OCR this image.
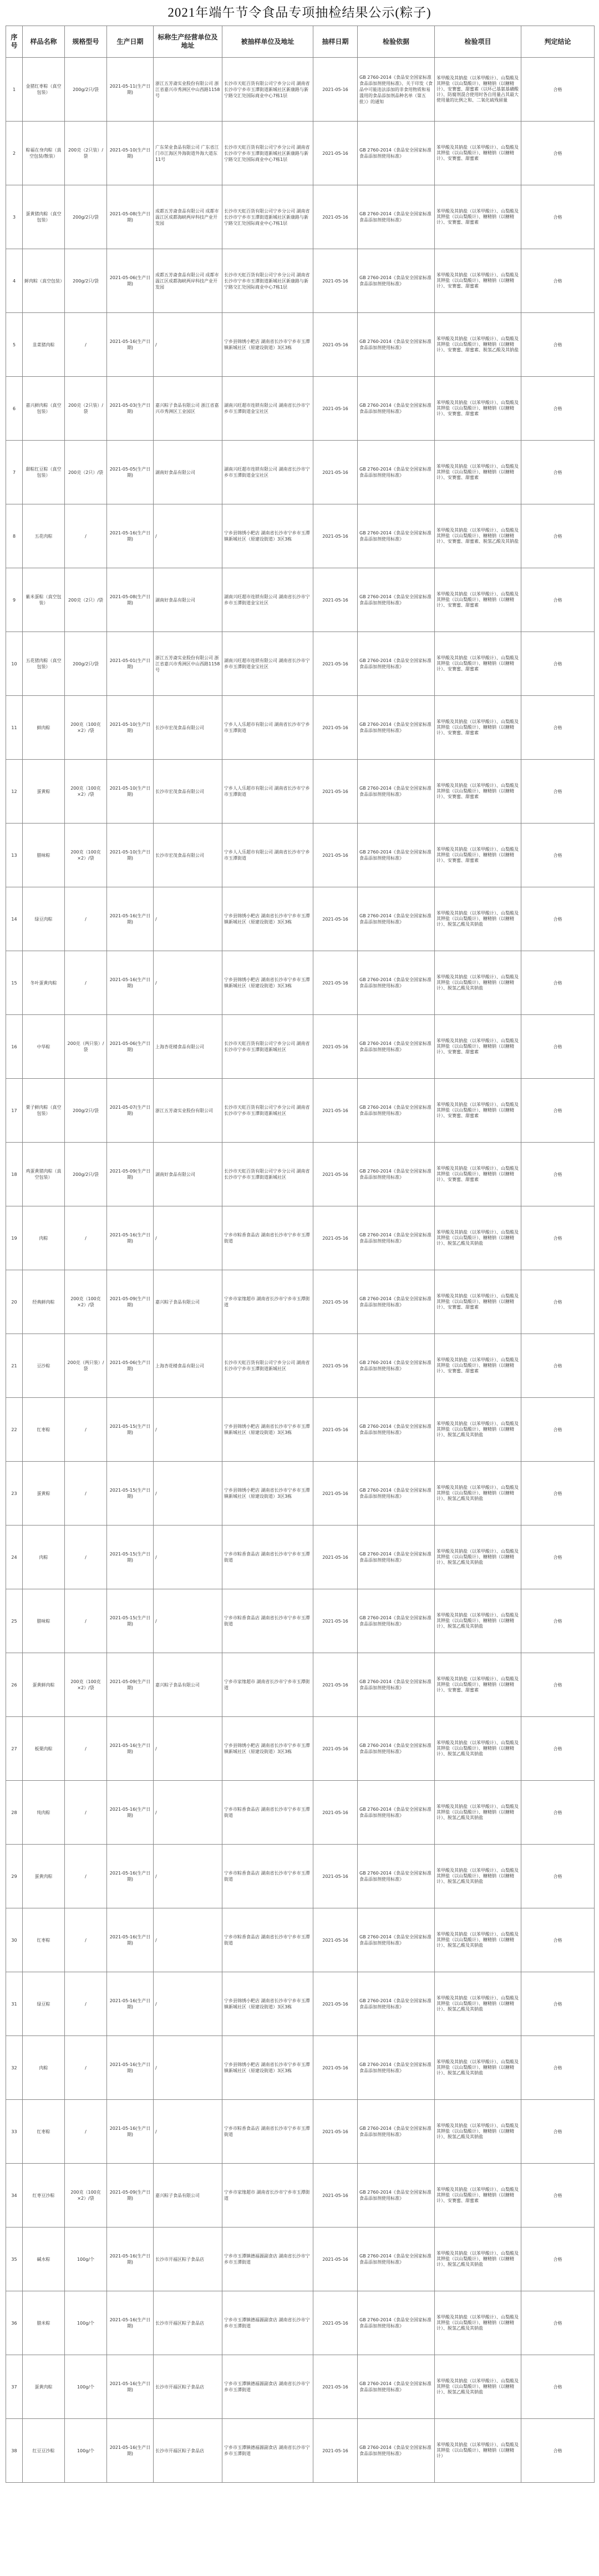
2021年端午节令食品专项抽检结果公示(粽子)
序号	样品名称	规格型号	生产日期	标称生产经营单位及地址	被抽样单位及地址	抽样日期	检验依据	检验项目	判定结论
1	金猪红枣粽（真空包装）	200g/2只/袋	2021-05-11(生产日期)	浙江五芳斋实业股份有限公司 浙江省嘉兴市秀洲区中山西路1158号	长沙市天虹百货有限公司宁乡分公司 湖南省长沙市宁乡市玉潭街道新城社区新康路与新宁路交汇处国际商业中心7栋1层	2021-05-16	GB 2760-2014《食品安全国家标准 食品添加剂使用标准》、关于印发《食品中可能违法添加的非食用物质和易滥用的食品添加剂品种名单（第五批）》的通知	苯甲酸及其钠盐（以苯甲酸计）、山梨酸及其钾盐（以山梨酸计）、糖精钠（以糖精计）、安赛蜜、甜蜜素（以环己基氨基磺酸计）、防腐剂混合使用时各自用量占其最大使用量的比例之和、二氧化硫残留量	合格
2	粽福在身肉粽（真空包装/散装）	200克（2只装）/袋	2021-05-10(生产日期)	广东荣业食品有限公司 广东省江门市江海区外海街道外海大道东11号	长沙市天虹百货有限公司宁乡分公司 湖南省长沙市宁乡市玉潭街道新城社区新康路与新宁路交汇处国际商业中心7栋1层	2021-05-16	GB 2760-2014《食品安全国家标准 食品添加剂使用标准》	苯甲酸及其钠盐（以苯甲酸计）、山梨酸及其钾盐（以山梨酸计）、糖精钠（以糖精计）、安赛蜜、甜蜜素	合格
3	蛋黄猪肉粽（真空包装）	200g/2只/袋	2021-05-08(生产日期)	成都五芳斋食品有限公司 成都市温江区成都海峡两岸科技产业开发园	长沙市天虹百货有限公司宁乡分公司 湖南省长沙市宁乡市玉潭街道新城社区新康路与新宁路交汇处国际商业中心7栋1层	2021-05-16	GB 2760-2014《食品安全国家标准 食品添加剂使用标准》	苯甲酸及其钠盐（以苯甲酸计）、山梨酸及其钾盐（以山梨酸计）、糖精钠（以糖精计）、安赛蜜、甜蜜素	合格
4	鲜肉粽（真空包装）	200g/2只/袋	2021-05-06(生产日期)	成都五芳斋食品有限公司 成都市温江区成都海峡两岸科技产业开发园	长沙市天虹百货有限公司宁乡分公司 湖南省长沙市宁乡市玉潭街道新城社区新康路与新宁路交汇处国际商业中心7栋1层	2021-05-16	GB 2760-2014《食品安全国家标准 食品添加剂使用标准》	苯甲酸及其钠盐（以苯甲酸计）、山梨酸及其钾盐（以山梨酸计）、糖精钠（以糖精计）、安赛蜜、甜蜜素	合格
5	韭菜猪肉粽	/	2021-05-16(生产日期)	/	宁乡县锦绣小粑店 湖南省长沙市宁乡市玉潭镇新城社区（原建设街道）3区3栋	2021-05-16	GB 2760-2014《食品安全国家标准 食品添加剂使用标准》	苯甲酸及其钠盐（以苯甲酸计）、山梨酸及其钾盐（以山梨酸计）、糖精钠（以糖精计）、安赛蜜、甜蜜素、脱氢乙酸及其钠盐	合格
6	嘉兴鲜肉粽（真空包装）	200克（2只装）/袋	2021-05-03(生产日期)	嘉兴粽子食品有限公司 浙江省嘉兴市秀洲区工业园区	湖南兴旺超市连锁有限公司 湖南省长沙市宁乡市玉潭街道金宝社区	2021-05-16	GB 2760-2014《食品安全国家标准 食品添加剂使用标准》	苯甲酸及其钠盐（以苯甲酸计）、山梨酸及其钾盐（以山梨酸计）、糖精钠（以糖精计）、安赛蜜、甜蜜素	合格
7	甜粽红豆粽（真空包装）	200克（2只）/袋	2021-05-05(生产日期)	湖南好食品有限公司	湖南兴旺超市连锁有限公司 湖南省长沙市宁乡市玉潭街道金宝社区	2021-05-16	GB 2760-2014《食品安全国家标准 食品添加剂使用标准》	苯甲酸及其钠盐（以苯甲酸计）、山梨酸及其钾盐（以山梨酸计）、糖精钠（以糖精计）、安赛蜜、甜蜜素	合格
8	五花肉粽	/	2021-05-16(生产日期)	/	宁乡县锦绣小粑店 湖南省长沙市宁乡市玉潭镇新城社区（原建设街道）3区3栋	2021-05-16	GB 2760-2014《食品安全国家标准 食品添加剂使用标准》	苯甲酸及其钠盐（以苯甲酸计）、山梨酸及其钾盐（以山梨酸计）、糖精钠（以糖精计）、安赛蜜、甜蜜素、脱氢乙酸及其钠盐	合格
9	紫米蛋粽（真空包装）	200克（2只）/袋	2021-05-08(生产日期)	湖南好食品有限公司	湖南兴旺超市连锁有限公司 湖南省长沙市宁乡市玉潭街道金宝社区	2021-05-16	GB 2760-2014《食品安全国家标准 食品添加剂使用标准》	苯甲酸及其钠盐（以苯甲酸计）、山梨酸及其钾盐（以山梨酸计）、糖精钠（以糖精计）、安赛蜜、甜蜜素	合格
10	五花猪肉粽（真空包装）	200g/2只/袋	2021-05-01(生产日期)	浙江五芳斋实业股份有限公司 浙江省嘉兴市秀洲区中山西路1158号	湖南兴旺超市连锁有限公司 湖南省长沙市宁乡市玉潭街道金宝社区	2021-05-16	GB 2760-2014《食品安全国家标准 食品添加剂使用标准》	苯甲酸及其钠盐（以苯甲酸计）、山梨酸及其钾盐（以山梨酸计）、糖精钠（以糖精计）、安赛蜜、甜蜜素	合格
11	鲜肉粽	200克（100克×2）/袋	2021-05-10(生产日期)	长沙市宏茂食品有限公司	宁乡人人乐超市有限公司 湖南省长沙市宁乡市玉潭街道	2021-05-16	GB 2760-2014《食品安全国家标准 食品添加剂使用标准》	苯甲酸及其钠盐（以苯甲酸计）、山梨酸及其钾盐（以山梨酸计）、糖精钠（以糖精计）、安赛蜜、甜蜜素	合格
12	蛋黄粽	200克（100克×2）/袋	2021-05-10(生产日期)	长沙市宏茂食品有限公司	宁乡人人乐超市有限公司 湖南省长沙市宁乡市玉潭街道	2021-05-16	GB 2760-2014《食品安全国家标准 食品添加剂使用标准》	苯甲酸及其钠盐（以苯甲酸计）、山梨酸及其钾盐（以山梨酸计）、糖精钠（以糖精计）、安赛蜜、甜蜜素	合格
13	腊味粽	200克（100克×2）/袋	2021-05-10(生产日期)	长沙市宏茂食品有限公司	宁乡人人乐超市有限公司 湖南省长沙市宁乡市玉潭街道	2021-05-16	GB 2760-2014《食品安全国家标准 食品添加剂使用标准》	苯甲酸及其钠盐（以苯甲酸计）、山梨酸及其钾盐（以山梨酸计）、糖精钠（以糖精计）、安赛蜜、甜蜜素	合格
14	绿豆肉粽	/	2021-05-16(生产日期)	/	宁乡县锦绣小粑店 湖南省长沙市宁乡市玉潭镇新城社区（原建设街道）3区3栋	2021-05-16	GB 2760-2014《食品安全国家标准 食品添加剂使用标准》	苯甲酸及其钠盐（以苯甲酸计）、山梨酸及其钾盐（以山梨酸计）、糖精钠（以糖精计）、脱氢乙酸及其钠盐	合格
15	冬叶蛋黄肉粽	/	2021-05-16(生产日期)	/	宁乡县锦绣小粑店 湖南省长沙市宁乡市玉潭镇新城社区（原建设街道）3区3栋	2021-05-16	GB 2760-2014《食品安全国家标准 食品添加剂使用标准》	苯甲酸及其钠盐（以苯甲酸计）、山梨酸及其钾盐（以山梨酸计）、糖精钠（以糖精计）、脱氢乙酸及其钠盐	合格
16	中华粽	200克（两只装）/袋	2021-05-06(生产日期)	上海杏花楼食品有限公司	长沙市天虹百货有限公司宁乡分公司 湖南省长沙市宁乡市玉潭街道新城社区	2021-05-16	GB 2760-2014《食品安全国家标准 食品添加剂使用标准》	苯甲酸及其钠盐（以苯甲酸计）、山梨酸及其钾盐（以山梨酸计）、糖精钠（以糖精计）、安赛蜜、甜蜜素	合格
17	栗子鲜肉粽（真空包装）	200g/2只/袋	2021-05-07(生产日期)	浙江五芳斋实业股份有限公司	长沙市天虹百货有限公司宁乡分公司 湖南省长沙市宁乡市玉潭街道新城社区	2021-05-16	GB 2760-2014《食品安全国家标准 食品添加剂使用标准》	苯甲酸及其钠盐（以苯甲酸计）、山梨酸及其钾盐（以山梨酸计）、糖精钠（以糖精计）、安赛蜜、甜蜜素	合格
18	鸡蛋黄猪肉粽（真空包装）	200g/2只/袋	2021-05-09(生产日期)	湖南好食品有限公司	长沙市天虹百货有限公司宁乡分公司 湖南省长沙市宁乡市玉潭街道新城社区	2021-05-16	GB 2760-2014《食品安全国家标准 食品添加剂使用标准》	苯甲酸及其钠盐（以苯甲酸计）、山梨酸及其钾盐（以山梨酸计）、糖精钠（以糖精计）、安赛蜜、甜蜜素	合格
19	肉粽	/	2021-05-16(生产日期)	/	宁乡市粽香食品店 湖南省长沙市宁乡市玉潭街道	2021-05-16	GB 2760-2014《食品安全国家标准 食品添加剂使用标准》	苯甲酸及其钠盐（以苯甲酸计）、山梨酸及其钾盐（以山梨酸计）、糖精钠（以糖精计）、脱氢乙酸及其钠盐	合格
20	经典鲜肉粽	200克（100克×2）/袋	2021-05-09(生产日期)	嘉兴粽子食品有限公司	宁乡市家缘超市 湖南省长沙市宁乡市玉潭街道	2021-05-16	GB 2760-2014《食品安全国家标准 食品添加剂使用标准》	苯甲酸及其钠盐（以苯甲酸计）、山梨酸及其钾盐（以山梨酸计）、糖精钠（以糖精计）、安赛蜜、甜蜜素	合格
21	豆沙粽	200克（两只装）/袋	2021-05-06(生产日期)	上海杏花楼食品有限公司	长沙市天虹百货有限公司宁乡分公司 湖南省长沙市宁乡市玉潭街道新城社区	2021-05-16	GB 2760-2014《食品安全国家标准 食品添加剂使用标准》	苯甲酸及其钠盐（以苯甲酸计）、山梨酸及其钾盐（以山梨酸计）、糖精钠（以糖精计）、安赛蜜、甜蜜素	合格
22	红枣粽	/	2021-05-15(生产日期)	/	宁乡县锦绣小粑店 湖南省长沙市宁乡市玉潭镇新城社区（原建设街道）3区3栋	2021-05-16	GB 2760-2014《食品安全国家标准 食品添加剂使用标准》	苯甲酸及其钠盐（以苯甲酸计）、山梨酸及其钾盐（以山梨酸计）、糖精钠（以糖精计）、脱氢乙酸及其钠盐	合格
23	蛋黄粽	/	2021-05-15(生产日期)	/	宁乡县锦绣小粑店 湖南省长沙市宁乡市玉潭镇新城社区（原建设街道）3区3栋	2021-05-16	GB 2760-2014《食品安全国家标准 食品添加剂使用标准》	苯甲酸及其钠盐（以苯甲酸计）、山梨酸及其钾盐（以山梨酸计）、糖精钠（以糖精计）、脱氢乙酸及其钠盐	合格
24	肉粽	/	2021-05-15(生产日期)	/	宁乡市粽香食品店 湖南省长沙市宁乡市玉潭街道	2021-05-16	GB 2760-2014《食品安全国家标准 食品添加剂使用标准》	苯甲酸及其钠盐（以苯甲酸计）、山梨酸及其钾盐（以山梨酸计）、糖精钠（以糖精计）、脱氢乙酸及其钠盐	合格
25	腊味粽	/	2021-05-15(生产日期)	/	宁乡市粽香食品店 湖南省长沙市宁乡市玉潭街道	2021-05-16	GB 2760-2014《食品安全国家标准 食品添加剂使用标准》	苯甲酸及其钠盐（以苯甲酸计）、山梨酸及其钾盐（以山梨酸计）、糖精钠（以糖精计）、脱氢乙酸及其钠盐	合格
26	蛋黄鲜肉粽	200克（100克×2）/袋	2021-05-09(生产日期)	嘉兴粽子食品有限公司	宁乡市家缘超市 湖南省长沙市宁乡市玉潭街道	2021-05-16	GB 2760-2014《食品安全国家标准 食品添加剂使用标准》	苯甲酸及其钠盐（以苯甲酸计）、山梨酸及其钾盐（以山梨酸计）、糖精钠（以糖精计）、安赛蜜、甜蜜素	合格
27	板栗肉粽	/	2021-05-16(生产日期)	/	宁乡县锦绣小粑店 湖南省长沙市宁乡市玉潭镇新城社区（原建设街道）3区3栋	2021-05-16	GB 2760-2014《食品安全国家标准 食品添加剂使用标准》	苯甲酸及其钠盐（以苯甲酸计）、山梨酸及其钾盐（以山梨酸计）、糖精钠（以糖精计）、脱氢乙酸及其钠盐	合格
28	纯肉粽	/	2021-05-16(生产日期)	/	宁乡市粽香食品店 湖南省长沙市宁乡市玉潭街道	2021-05-16	GB 2760-2014《食品安全国家标准 食品添加剂使用标准》	苯甲酸及其钠盐（以苯甲酸计）、山梨酸及其钾盐（以山梨酸计）、糖精钠（以糖精计）、脱氢乙酸及其钠盐	合格
29	蛋黄肉粽	/	2021-05-16(生产日期)	/	宁乡市粽香食品店 湖南省长沙市宁乡市玉潭街道	2021-05-16	GB 2760-2014《食品安全国家标准 食品添加剂使用标准》	苯甲酸及其钠盐（以苯甲酸计）、山梨酸及其钾盐（以山梨酸计）、糖精钠（以糖精计）、脱氢乙酸及其钠盐	合格
30	红枣粽	/	2021-05-16(生产日期)	/	宁乡市粽香食品店 湖南省长沙市宁乡市玉潭街道	2021-05-16	GB 2760-2014《食品安全国家标准 食品添加剂使用标准》	苯甲酸及其钠盐（以苯甲酸计）、山梨酸及其钾盐（以山梨酸计）、糖精钠（以糖精计）、脱氢乙酸及其钠盐	合格
31	绿豆粽	/	2021-05-16(生产日期)	/	宁乡县锦绣小粑店 湖南省长沙市宁乡市玉潭镇新城社区（原建设街道）3区3栋	2021-05-16	GB 2760-2014《食品安全国家标准 食品添加剂使用标准》	苯甲酸及其钠盐（以苯甲酸计）、山梨酸及其钾盐（以山梨酸计）、糖精钠（以糖精计）、脱氢乙酸及其钠盐	合格
32	肉粽	/	2021-05-16(生产日期)	/	宁乡县锦绣小粑店 湖南省长沙市宁乡市玉潭镇新城社区（原建设街道）3区3栋	2021-05-16	GB 2760-2014《食品安全国家标准 食品添加剂使用标准》	苯甲酸及其钠盐（以苯甲酸计）、山梨酸及其钾盐（以山梨酸计）、糖精钠（以糖精计）、脱氢乙酸及其钠盐	合格
33	红枣粽	/	2021-05-16(生产日期)	/	宁乡市粽香食品店 湖南省长沙市宁乡市玉潭街道	2021-05-16	GB 2760-2014《食品安全国家标准 食品添加剂使用标准》	苯甲酸及其钠盐（以苯甲酸计）、山梨酸及其钾盐（以山梨酸计）、糖精钠（以糖精计）、脱氢乙酸及其钠盐	合格
34	红枣豆沙粽	200克（100克×2）/袋	2021-05-09(生产日期)	嘉兴粽子食品有限公司	宁乡市家缘超市 湖南省长沙市宁乡市玉潭街道	2021-05-16	GB 2760-2014《食品安全国家标准 食品添加剂使用标准》	苯甲酸及其钠盐（以苯甲酸计）、山梨酸及其钾盐（以山梨酸计）、糖精钠（以糖精计）、安赛蜜、甜蜜素	合格
35	碱水粽	100g/个	2021-05-16(生产日期)	长沙市开福区粽子食品店	宁乡市玉潭镇德福源副食店 湖南省长沙市宁乡市玉潭街道	2021-05-16	GB 2760-2014《食品安全国家标准 食品添加剂使用标准》	苯甲酸及其钠盐（以苯甲酸计）、山梨酸及其钾盐（以山梨酸计）、糖精钠（以糖精计）、脱氢乙酸及其钠盐	合格
36	腊米粽	100g/个	2021-05-16(生产日期)	长沙市开福区粽子食品店	宁乡市玉潭镇德福源副食店 湖南省长沙市宁乡市玉潭街道	2021-05-16	GB 2760-2014《食品安全国家标准 食品添加剂使用标准》	苯甲酸及其钠盐（以苯甲酸计）、山梨酸及其钾盐（以山梨酸计）、糖精钠（以糖精计）、脱氢乙酸及其钠盐	合格
37	蛋黄肉粽	100g/个	2021-05-16(生产日期)	长沙市开福区粽子食品店	宁乡市玉潭镇德福源副食店 湖南省长沙市宁乡市玉潭街道	2021-05-16	GB 2760-2014《食品安全国家标准 食品添加剂使用标准》	苯甲酸及其钠盐（以苯甲酸计）、山梨酸及其钾盐（以山梨酸计）、糖精钠（以糖精计）、脱氢乙酸及其钠盐	合格
38	红豆豆沙粽	100g/个	2021-05-16(生产日期)	长沙市开福区粽子食品店	宁乡市玉潭镇德福源副食店 湖南省长沙市宁乡市玉潭街道	2021-05-16	GB 2760-2014《食品安全国家标准 食品添加剂使用标准》	苯甲酸及其钠盐（以苯甲酸计）、山梨酸及其钾盐（以山梨酸计）、糖精钠（以糖精计）	合格
